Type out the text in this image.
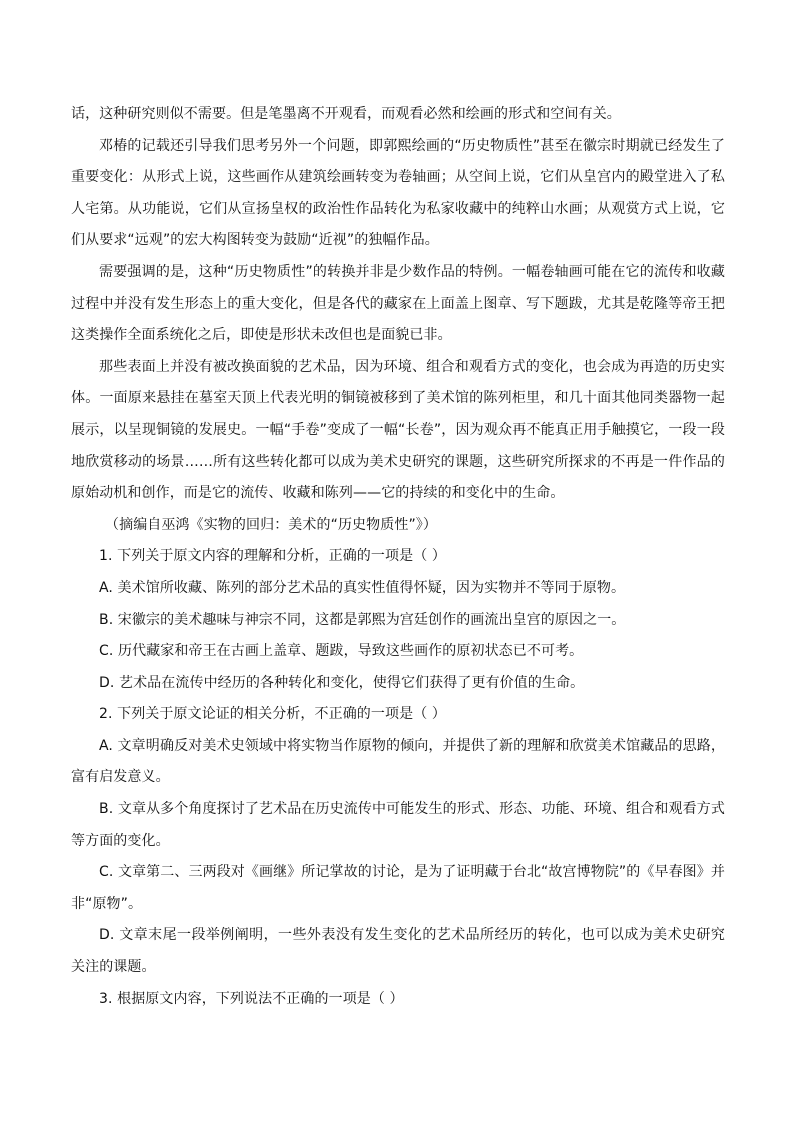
话，这种研究则似不需要。但是笔墨离不开观看，而观看必然和绘画的形式和空间有关。

邓椿的记载还引导我们思考另外一个问题，即郭熙绘画的“历史物质性”甚至在徽宗时期就已经发生了重要变化：从形式上说，这些画作从建筑绘画转变为卷轴画；从空间上说，它们从皇宫内的殿堂进入了私人宅第。从功能说，它们从宣扬皇权的政治性作品转化为私家收藏中的纯粹山水画；从观赏方式上说，它们从要求“远观”的宏大构图转变为鼓励“近视”的独幅作品。

需要强调的是，这种“历史物质性”的转换并非是少数作品的特例。一幅卷轴画可能在它的流传和收藏过程中并没有发生形态上的重大变化，但是各代的藏家在上面盖上图章、写下题跋，尤其是乾隆等帝王把这类操作全面系统化之后，即使是形状未改但也是面貌已非。

那些表面上并没有被改换面貌的艺术品，因为环境、组合和观看方式的变化，也会成为再造的历史实体。一面原来悬挂在墓室天顶上代表光明的铜镜被移到了美术馆的陈列柜里，和几十面其他同类器物一起展示，以呈现铜镜的发展史。一幅“手卷”变成了一幅“长卷”，因为观众再不能真正用手触摸它，一段一段地欣赏移动的场景……所有这些转化都可以成为美术史研究的课题，这些研究所探求的不再是一件作品的原始动机和创作，而是它的流传、收藏和陈列——它的持续的和变化中的生命。

（摘编自巫鸿《实物的回归：美术的“历史物质性”》）

1. 下列关于原文内容的理解和分析，正确的一项是（ ）

A. 美术馆所收藏、陈列的部分艺术品的真实性值得怀疑，因为实物并不等同于原物。

B. 宋徽宗的美术趣味与神宗不同，这都是郭熙为宫廷创作的画流出皇宫的原因之一。

C. 历代藏家和帝王在古画上盖章、题跋，导致这些画作的原初状态已不可考。

D. 艺术品在流传中经历的各种转化和变化，使得它们获得了更有价值的生命。

2. 下列关于原文论证的相关分析，不正确的一项是（ ）

A. 文章明确反对美术史领域中将实物当作原物的倾向，并提供了新的理解和欣赏美术馆藏品的思路，富有启发意义。

B. 文章从多个角度探讨了艺术品在历史流传中可能发生的形式、形态、功能、环境、组合和观看方式等方面的变化。

C. 文章第二、三两段对《画继》所记掌故的讨论，是为了证明藏于台北“故宫博物院”的《早春图》并非“原物”。

D. 文章末尾一段举例阐明，一些外表没有发生变化的艺术品所经历的转化，也可以成为美术史研究关注的课题。

3. 根据原文内容，下列说法不正确的一项是（ ）
